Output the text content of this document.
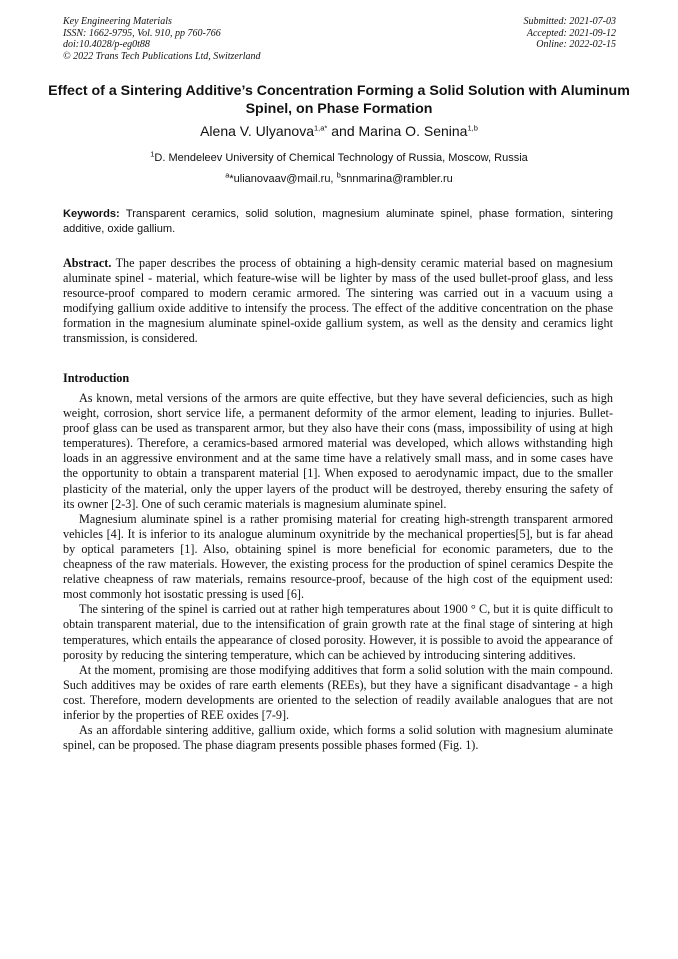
Key Engineering Materials
ISSN: 1662-9795, Vol. 910, pp 760-766
doi:10.4028/p-eg0t88
© 2022 Trans Tech Publications Ltd, Switzerland
Submitted: 2021-07-03
Accepted: 2021-09-12
Online: 2022-02-15
Effect of a Sintering Additive’s Concentration Forming a Solid Solution with Aluminum Spinel, on Phase Formation
Alena V. Ulyanova$^{1,a*}$ and Marina O. Senina$^{1,b}$
$^1$D. Mendeleev University of Chemical Technology of Russia, Moscow, Russia
$^a$*ulianovaav@mail.ru, $^b$snnmarina@rambler.ru
Keywords: Transparent ceramics, solid solution, magnesium aluminate spinel, phase formation, sintering additive, oxide gallium.
Abstract. The paper describes the process of obtaining a high-density ceramic material based on magnesium aluminate spinel - material, which feature-wise will be lighter by mass of the used bullet-proof glass, and less resource-proof compared to modern ceramic armored. The sintering was carried out in a vacuum using a modifying gallium oxide additive to intensify the process. The effect of the additive concentration on the phase formation in the magnesium aluminate spinel-oxide gallium system, as well as the density and ceramics light transmission, is considered.
Introduction

As known, metal versions of the armors are quite effective, but they have several deficiencies, such as high weight, corrosion, short service life, a permanent deformity of the armor element, leading to injuries. Bullet-proof glass can be used as transparent armor, but they also have their cons (mass, impossibility of using at high temperatures). Therefore, a ceramics-based armored material was developed, which allows withstanding high loads in an aggressive environment and at the same time have a relatively small mass, and in some cases have the opportunity to obtain a transparent material [1]. When exposed to aerodynamic impact, due to the smaller plasticity of the material, only the upper layers of the product will be destroyed, thereby ensuring the safety of its owner [2-3]. One of such ceramic materials is magnesium aluminate spinel.

Magnesium aluminate spinel is a rather promising material for creating high-strength transparent armored vehicles [4]. It is inferior to its analogue aluminum oxynitride by the mechanical properties[5], but is far ahead by optical parameters [1]. Also, obtaining spinel is more beneficial for economic parameters, due to the cheapness of the raw materials. However, the existing process for the production of spinel ceramics Despite the relative cheapness of raw materials, remains resource-proof, because of the high cost of the equipment used: most commonly hot isostatic pressing is used [6].

The sintering of the spinel is carried out at rather high temperatures about 1900 ° C, but it is quite difficult to obtain transparent material, due to the intensification of grain growth rate at the final stage of sintering at high temperatures, which entails the appearance of closed porosity. However, it is possible to avoid the appearance of porosity by reducing the sintering temperature, which can be achieved by introducing sintering additives.

At the moment, promising are those modifying additives that form a solid solution with the main compound. Such additives may be oxides of rare earth elements (REEs), but they have a significant disadvantage - a high cost. Therefore, modern developments are oriented to the selection of readily available analogues that are not inferior by the properties of REE oxides [7-9].

As an affordable sintering additive, gallium oxide, which forms a solid solution with magnesium aluminate spinel, can be proposed. The phase diagram presents possible phases formed (Fig. 1).
